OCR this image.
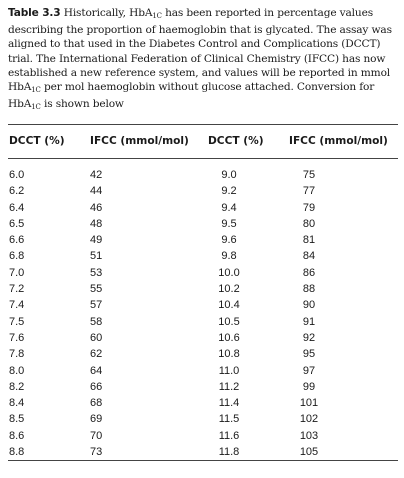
Table 3.3 Historically, HbA$_{1C}$ has been reported in percentage values describing the proportion of haemoglobin that is glycated. The assay was aligned to that used in the Diabetes Control and Complications (DCCT) trial. The International Federation of Clinical Chemistry (IFCC) has now established a new reference system, and values will be reported in mmol HbA$_{1C}$ per mol haemoglobin without glucose attached. Conversion for HbA$_{1C}$ is shown below
DCCT (%) IFCC (mmol/mol) DCCT (%) IFCC (mmol/mol)
6.0	42	9.0	75
6.2	44	9.2	77
6.4	46	9.4	79
6.5	48	9.5	80
6.6	49	9.6	81
6.8	51	9.8	84
7.0	53	10.0	86
7.2	55	10.2	88
7.4	57	10.4	90
7.5	58	10.5	91
7.6	60	10.6	92
7.8	62	10.8	95
8.0	64	11.0	97
8.2	66	11.2	99
8.4	68	11.4	101
8.5	69	11.5	102
8.6	70	11.6	103
8.8	73	11.8	105
